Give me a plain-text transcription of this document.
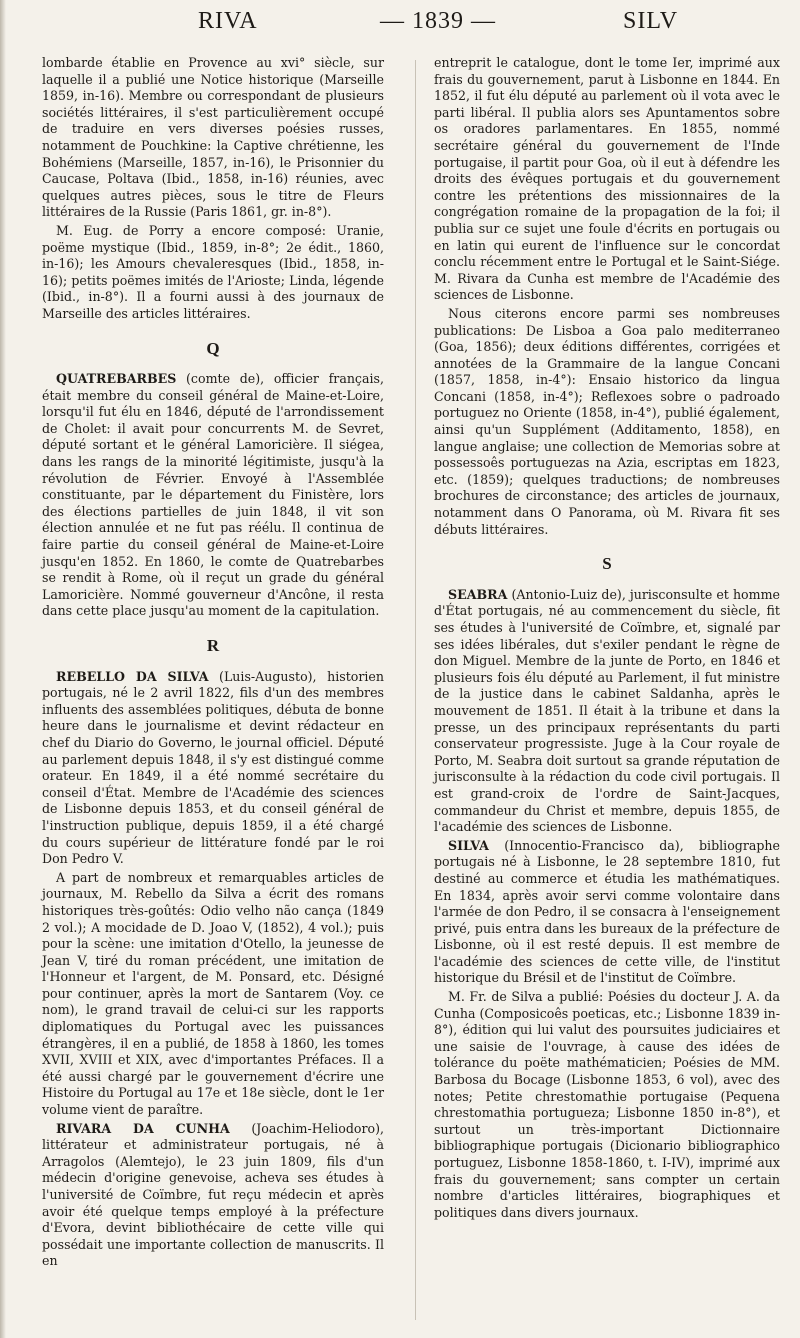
RIVA	— 1839 —	SILV

lombarde établie en Provence au xvi° siècle, sur laquelle il a publié une Notice historique (Marseille 1859, in-16). Membre ou correspondant de plusieurs sociétés littéraires, il s'est particulièrement occupé de traduire en vers diverses poésies russes, notamment de Pouchkine: la Captive chrétienne, les Bohémiens (Marseille, 1857, in-16), le Prisonnier du Caucase, Poltava (Ibid., 1858, in-16) réunies, avec quelques autres pièces, sous le titre de Fleurs littéraires de la Russie (Paris 1861, gr. in-8°).

M. Eug. de Porry a encore composé: Uranie, poëme mystique (Ibid., 1859, in-8°; 2e édit., 1860, in-16); les Amours chevaleresques (Ibid., 1858, in-16); petits poëmes imités de l'Arioste; Linda, légende (Ibid., in-8°). Il a fourni aussi à des journaux de Marseille des articles littéraires.

Q

QUATREBARBES (comte de), officier français, était membre du conseil général de Maine-et-Loire, lorsqu'il fut élu en 1846, député de l'arrondissement de Cholet: il avait pour concurrents M. de Sevret, député sortant et le général Lamoricière. Il siégea, dans les rangs de la minorité légitimiste, jusqu'à la révolution de Février. Envoyé à l'Assemblée constituante, par le département du Finistère, lors des élections partielles de juin 1848, il vit son élection annulée et ne fut pas réélu. Il continua de faire partie du conseil général de Maine-et-Loire jusqu'en 1852. En 1860, le comte de Quatrebarbes se rendit à Rome, où il reçut un grade du général Lamoricière. Nommé gouverneur d'Ancône, il resta dans cette place jusqu'au moment de la capitulation.

R

REBELLO DA SILVA (Luis-Augusto), historien portugais, né le 2 avril 1822, fils d'un des membres influents des assemblées politiques, débuta de bonne heure dans le journalisme et devint rédacteur en chef du Diario do Governo, le journal officiel. Député au parlement depuis 1848, il s'y est distingué comme orateur. En 1849, il a été nommé secrétaire du conseil d'État. Membre de l'Académie des sciences de Lisbonne depuis 1853, et du conseil général de l'instruction publique, depuis 1859, il a été chargé du cours supérieur de littérature fondé par le roi Don Pedro V.

A part de nombreux et remarquables articles de journaux, M. Rebello da Silva a écrit des romans historiques très-goûtés: Odio velho não cança (1849 2 vol.); A mocidade de D. Joao V, (1852), 4 vol.); puis pour la scène: une imitation d'Otello, la jeunesse de Jean V, tiré du roman précédent, une imitation de l'Honneur et l'argent, de M. Ponsard, etc. Désigné pour continuer, après la mort de Santarem (Voy. ce nom), le grand travail de celui-ci sur les rapports diplomatiques du Portugal avec les puissances étrangères, il en a publié, de 1858 à 1860, les tomes XVII, XVIII et XIX, avec d'importantes Préfaces. Il a été aussi chargé par le gouvernement d'écrire une Histoire du Portugal au 17e et 18e siècle, dont le 1er volume vient de paraître.

RIVARA DA CUNHA (Joachim-Heliodoro), littérateur et administrateur portugais, né à Arragolos (Alemtejo), le 23 juin 1809, fils d'un médecin d'origine genevoise, acheva ses études à l'université de Coïmbre, fut reçu médecin et après avoir été quelque temps employé à la préfecture d'Evora, devint bibliothécaire de cette ville qui possédait une importante collection de manuscrits. Il en

entreprit le catalogue, dont le tome Ier, imprimé aux frais du gouvernement, parut à Lisbonne en 1844. En 1852, il fut élu député au parlement où il vota avec le parti libéral. Il publia alors ses Apuntamentos sobre os oradores parlamentares. En 1855, nommé secrétaire général du gouvernement de l'Inde portugaise, il partit pour Goa, où il eut à défendre les droits des évêques portugais et du gouvernement contre les prétentions des missionnaires de la congrégation romaine de la propagation de la foi; il publia sur ce sujet une foule d'écrits en portugais ou en latin qui eurent de l'influence sur le concordat conclu récemment entre le Portugal et le Saint-Siége. M. Rivara da Cunha est membre de l'Académie des sciences de Lisbonne.

Nous citerons encore parmi ses nombreuses publications: De Lisboa a Goa palo mediterraneo (Goa, 1856); deux éditions différentes, corrigées et annotées de la Grammaire de la langue Concani (1857, 1858, in-4°): Ensaio historico da lingua Concani (1858, in-4°); Reflexoes sobre o padroado portuguez no Oriente (1858, in-4°), publié également, ainsi qu'un Supplément (Additamento, 1858), en langue anglaise; une collection de Memorias sobre at possessoês portuguezas na Azia, escriptas em 1823, etc. (1859); quelques traductions; de nombreuses brochures de circonstance; des articles de journaux, notamment dans O Panorama, où M. Rivara fit ses débuts littéraires.

S

SEABRA (Antonio-Luiz de), jurisconsulte et homme d'État portugais, né au commencement du siècle, fit ses études à l'université de Coïmbre, et, signalé par ses idées libérales, dut s'exiler pendant le règne de don Miguel. Membre de la junte de Porto, en 1846 et plusieurs fois élu député au Parlement, il fut ministre de la justice dans le cabinet Saldanha, après le mouvement de 1851. Il était à la tribune et dans la presse, un des principaux représentants du parti conservateur progressiste. Juge à la Cour royale de Porto, M. Seabra doit surtout sa grande réputation de jurisconsulte à la rédaction du code civil portugais. Il est grand-croix de l'ordre de Saint-Jacques, commandeur du Christ et membre, depuis 1855, de l'académie des sciences de Lisbonne.

SILVA (Innocentio-Francisco da), bibliographe portugais né à Lisbonne, le 28 septembre 1810, fut destiné au commerce et étudia les mathématiques. En 1834, après avoir servi comme volontaire dans l'armée de don Pedro, il se consacra à l'enseignement privé, puis entra dans les bureaux de la préfecture de Lisbonne, où il est resté depuis. Il est membre de l'académie des sciences de cette ville, de l'institut historique du Brésil et de l'institut de Coïmbre.

M. Fr. de Silva a publié: Poésies du docteur J. A. da Cunha (Composicoês poeticas, etc.; Lisbonne 1839 in-8°), édition qui lui valut des poursuites judiciaires et une saisie de l'ouvrage, à cause des idées de tolérance du poëte mathématicien; Poésies de MM. Barbosa du Bocage (Lisbonne 1853, 6 vol), avec des notes; Petite chrestomathie portugaise (Pequena chrestomathia portugueza; Lisbonne 1850 in-8°), et surtout un très-important Dictionnaire bibliographique portugais (Dicionario bibliographico portuguez, Lisbonne 1858-1860, t. I-IV), imprimé aux frais du gouvernement; sans compter un certain nombre d'articles littéraires, biographiques et politiques dans divers journaux.
